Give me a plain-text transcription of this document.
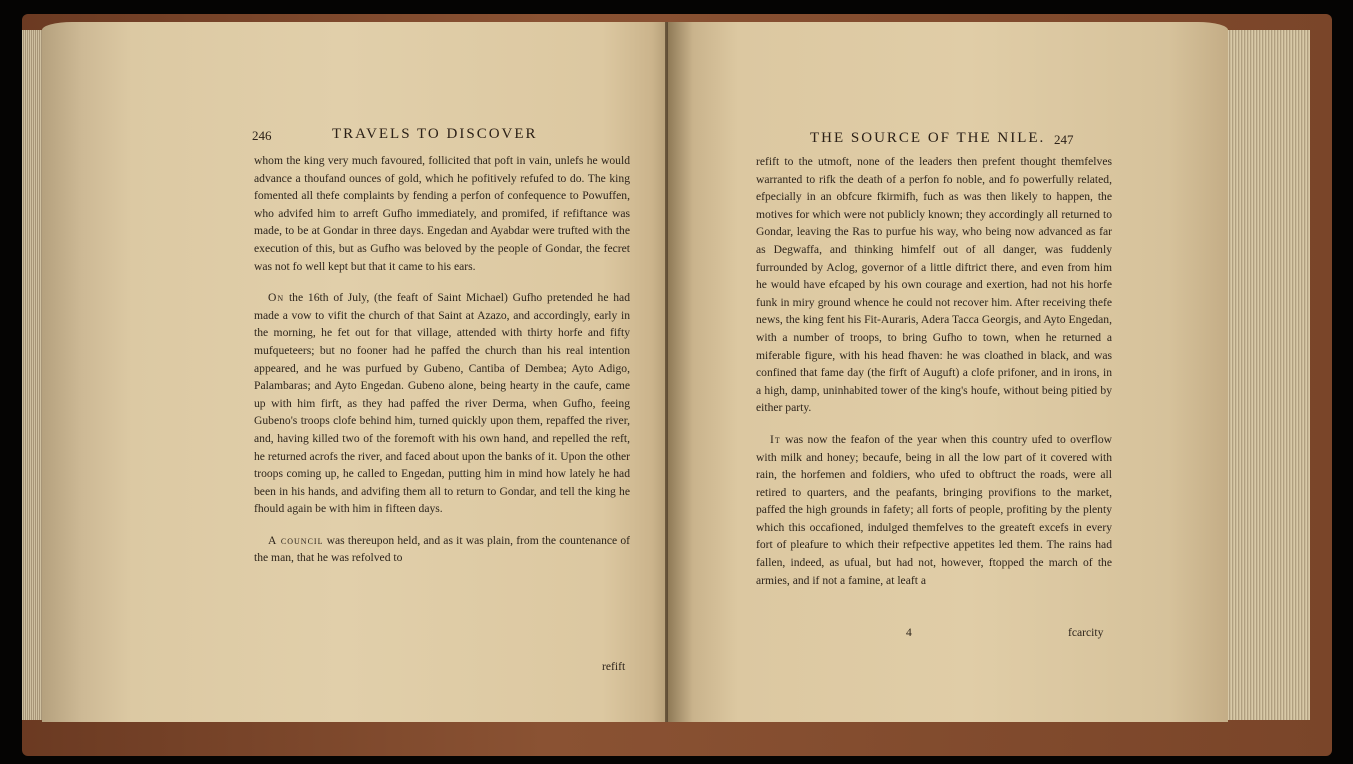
246	TRAVELS TO DISCOVER

whom the king very much favoured, follicited that poft in vain, unlefs he would advance a thoufand ounces of gold, which he pofitively refufed to do. The king fomented all thefe complaints by fending a perfon of confequence to Powuffen, who advifed him to arreft Gufho immediately, and promifed, if refiftance was made, to be at Gondar in three days. Engedan and Ayabdar were trufted with the execution of this, but as Gufho was beloved by the people of Gondar, the fecret was not fo well kept but that it came to his ears.

On the 16th of July, (the feaft of Saint Michael) Gufho pretended he had made a vow to vifit the church of that Saint at Azazo, and accordingly, early in the morning, he fet out for that village, attended with thirty horfe and fifty mufqueteers; but no fooner had he paffed the church than his real intention appeared, and he was purfued by Gubeno, Cantiba of Dembea; Ayto Adigo, Palambaras; and Ayto Engedan. Gubeno alone, being hearty in the caufe, came up with him firft, as they had paffed the river Derma, when Gufho, feeing Gubeno's troops clofe behind him, turned quickly upon them, repaffed the river, and, having killed two of the foremoft with his own hand, and repelled the reft, he returned acrofs the river, and faced about upon the banks of it. Upon the other troops coming up, he called to Engedan, putting him in mind how lately he had been in his hands, and advifing them all to return to Gondar, and tell the king he fhould again be with him in fifteen days.

A council was thereupon held, and as it was plain, from the countenance of the man, that he was refolved to

refift
THE SOURCE OF THE NILE. 247

refift to the utmoft, none of the leaders then prefent thought themfelves warranted to rifk the death of a perfon fo noble, and fo powerfully related, efpecially in an obfcure fkirmifh, fuch as was then likely to happen, the motives for which were not publicly known; they accordingly all returned to Gondar, leaving the Ras to purfue his way, who being now advanced as far as Degwaffa, and thinking himfelf out of all danger, was fuddenly furrounded by Aclog, governor of a little diftrict there, and even from him he would have efcaped by his own courage and exertion, had not his horfe funk in miry ground whence he could not recover him. After receiving thefe news, the king fent his Fit-Auraris, Adera Tacca Georgis, and Ayto Engedan, with a number of troops, to bring Gufho to town, when he returned a miferable figure, with his head fhaven: he was cloathed in black, and was confined that fame day (the firft of Auguft) a clofe prifoner, and in irons, in a high, damp, uninhabited tower of the king's houfe, without being pitied by either party.

It was now the feafon of the year when this country ufed to overflow with milk and honey; becaufe, being in all the low part of it covered with rain, the horfemen and foldiers, who ufed to obftruct the roads, were all retired to quarters, and the peafants, bringing provifions to the market, paffed the high grounds in fafety; all forts of people, profiting by the plenty which this occafioned, indulged themfelves to the greateft excefs in every fort of pleafure to which their refpective appetites led them. The rains had fallen, indeed, as ufual, but had not, however, ftopped the march of the armies, and if not a famine, at leaft a

4	fcarcity
